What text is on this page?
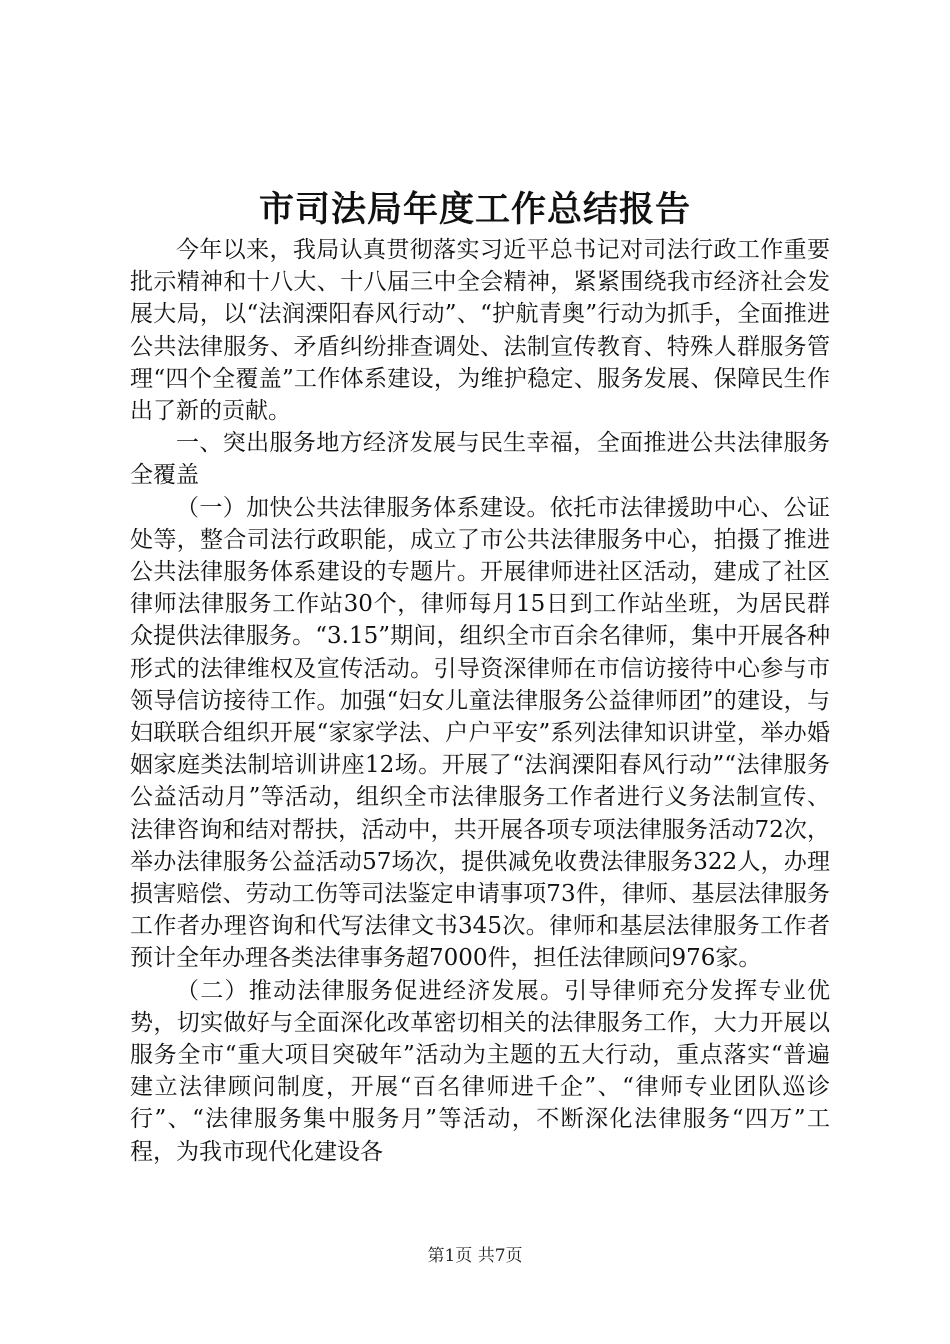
市司法局年度工作总结报告

今年以来，我局认真贯彻落实习近平总书记对司法行政工作重要批示精神和十八大、十八届三中全会精神，紧紧围绕我市经济社会发展大局，以“法润溧阳春风行动”、“护航青奥”行动为抓手，全面推进公共法律服务、矛盾纠纷排查调处、法制宣传教育、特殊人群服务管理“四个全覆盖”工作体系建设，为维护稳定、服务发展、保障民生作出了新的贡献。

一、突出服务地方经济发展与民生幸福，全面推进公共法律服务全覆盖

（一）加快公共法律服务体系建设。依托市法律援助中心、公证处等，整合司法行政职能，成立了市公共法律服务中心，拍摄了推进公共法律服务体系建设的专题片。开展律师进社区活动，建成了社区律师法律服务工作站30个，律师每月15日到工作站坐班，为居民群众提供法律服务。“3.15”期间，组织全市百余名律师，集中开展各种形式的法律维权及宣传活动。引导资深律师在市信访接待中心参与市领导信访接待工作。加强“妇女儿童法律服务公益律师团”的建设，与妇联联合组织开展“家家学法、户户平安”系列法律知识讲堂，举办婚姻家庭类法制培训讲座12场。开展了“法润溧阳春风行动”“法律服务公益活动月”等活动，组织全市法律服务工作者进行义务法制宣传、法律咨询和结对帮扶，活动中，共开展各项专项法律服务活动72次，举办法律服务公益活动57场次，提供减免收费法律服务322人，办理损害赔偿、劳动工伤等司法鉴定申请事项73件，律师、基层法律服务工作者办理咨询和代写法律文书345次。律师和基层法律服务工作者预计全年办理各类法律事务超7000件，担任法律顾问976家。

（二）推动法律服务促进经济发展。引导律师充分发挥专业优势，切实做好与全面深化改革密切相关的法律服务工作，大力开展以服务全市“重大项目突破年”活动为主题的五大行动，重点落实“普遍建立法律顾问制度，开展“百名律师进千企”、“律师专业团队巡诊行”、“法律服务集中服务月”等活动，不断深化法律服务“四万”工程，为我市现代化建设各

第1页 共7页
